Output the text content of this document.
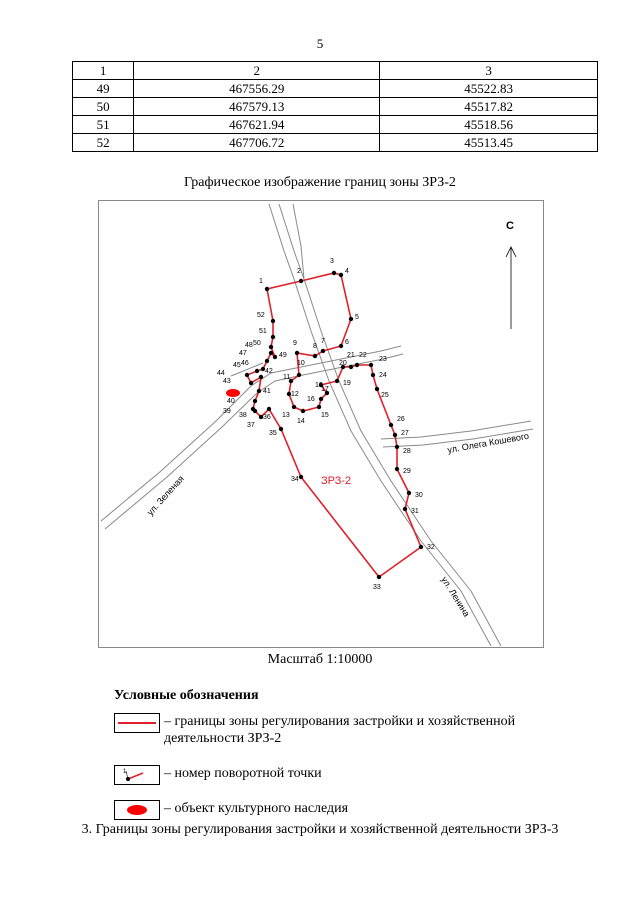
5
1	2	3
49	467556.29	45522.83
50	467579.13	45517.82
51	467621.94	45518.56
52	467706.72	45513.45
Графическое изображение границ зоны ЗРЗ-2
1
2
3
4
5
6
7
8
9
10
11
12
13
14
15
16
17
18	19
20
21 22
23
24
25
26
27
28
29
30
31
32
33
34
35
36
37
38
39
40
41
42
43
44
45 46
47
48
49
50
51
52
С
ЗРЗ-2
ул. Зеленая
ул. Олега Кошевого
ул. Ленина
Масштаб 1:10000
Условные обозначения
– границы зоны регулирования застройки и хозяйственной
деятельности ЗРЗ-2
1	– номер поворотной точки
– объект культурного наследия
3. Границы зоны регулирования застройки и хозяйственной деятельности ЗРЗ-3
